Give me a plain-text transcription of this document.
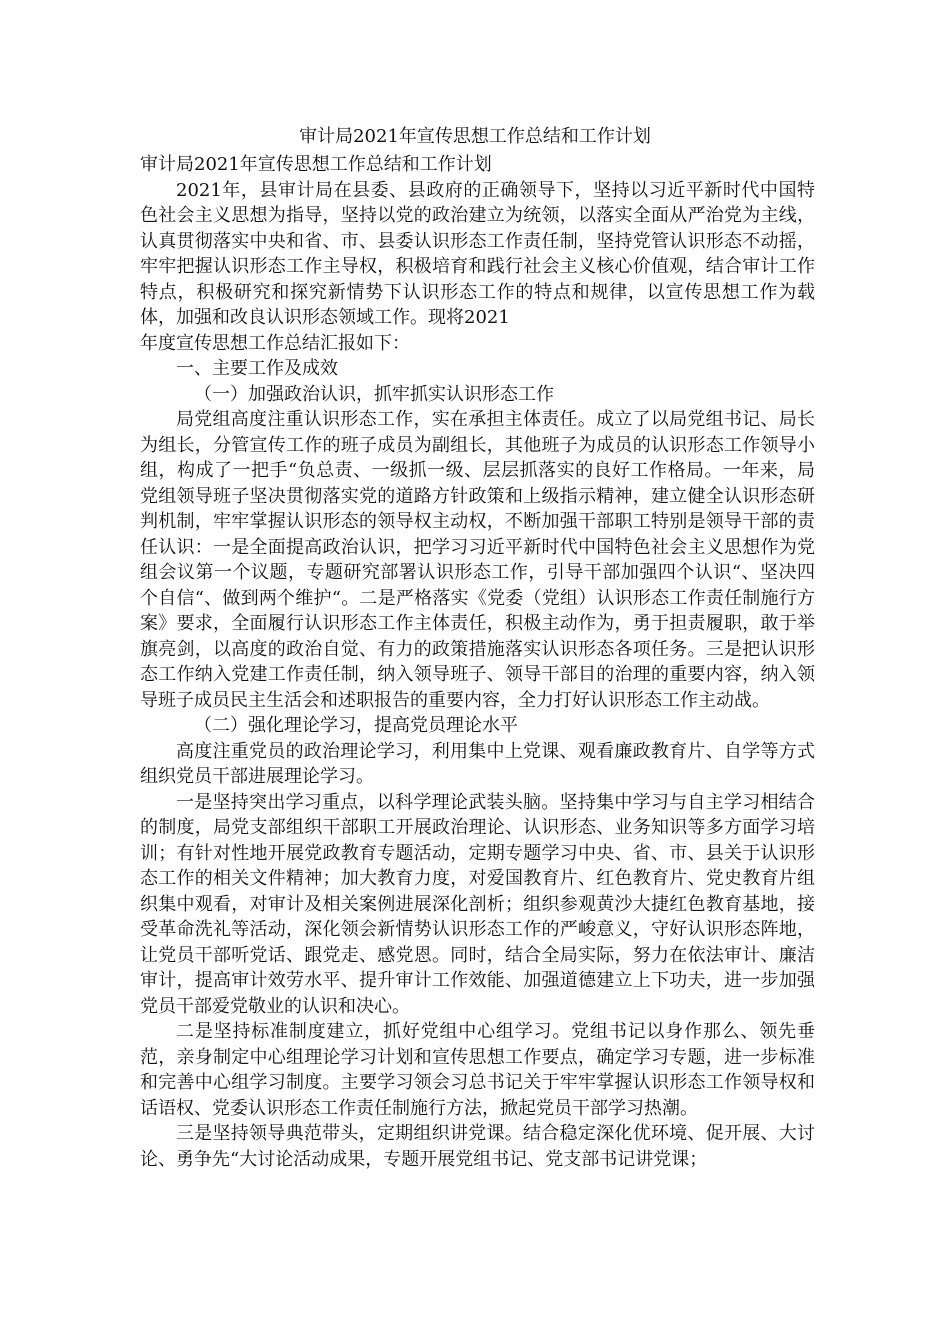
审计局2021年宣传思想工作总结和工作计划

审计局2021年宣传思想工作总结和工作计划

2021年，县审计局在县委、县政府的正确领导下，坚持以习近平新时代中国特色社会主义思想为指导，坚持以党的政治建立为统领，以落实全面从严治党为主线，认真贯彻落实中央和省、市、县委认识形态工作责任制，坚持党管认识形态不动摇，牢牢把握认识形态工作主导权，积极培育和践行社会主义核心价值观，结合审计工作特点，积极研究和探究新情势下认识形态工作的特点和规律，以宣传思想工作为载体，加强和改良认识形态领域工作。现将2021

年度宣传思想工作总结汇报如下：

一、主要工作及成效

（一）加强政治认识，抓牢抓实认识形态工作

局党组高度注重认识形态工作，实在承担主体责任。成立了以局党组书记、局长为组长，分管宣传工作的班子成员为副组长，其他班子为成员的认识形态工作领导小组，构成了一把手“负总责、一级抓一级、层层抓落实的良好工作格局。一年来，局党组领导班子坚决贯彻落实党的道路方针政策和上级指示精神，建立健全认识形态研判机制，牢牢掌握认识形态的领导权主动权，不断加强干部职工特别是领导干部的责任认识：一是全面提高政治认识，把学习习近平新时代中国特色社会主义思想作为党组会议第一个议题，专题研究部署认识形态工作，引导干部加强四个认识“、坚决四个自信“、做到两个维护“。二是严格落实《党委（党组）认识形态工作责任制施行方案》要求，全面履行认识形态工作主体责任，积极主动作为，勇于担责履职，敢于举旗亮剑，以高度的政治自觉、有力的政策措施落实认识形态各项任务。三是把认识形态工作纳入党建工作责任制，纳入领导班子、领导干部目的治理的重要内容，纳入领导班子成员民主生活会和述职报告的重要内容，全力打好认识形态工作主动战。

（二）强化理论学习，提高党员理论水平

高度注重党员的政治理论学习，利用集中上党课、观看廉政教育片、自学等方式组织党员干部进展理论学习。

一是坚持突出学习重点，以科学理论武装头脑。坚持集中学习与自主学习相结合的制度，局党支部组织干部职工开展政治理论、认识形态、业务知识等多方面学习培训；有针对性地开展党政教育专题活动，定期专题学习中央、省、市、县关于认识形态工作的相关文件精神；加大教育力度，对爱国教育片、红色教育片、党史教育片组织集中观看，对审计及相关案例进展深化剖析；组织参观黄沙大捷红色教育基地，接受革命洗礼等活动，深化领会新情势认识形态工作的严峻意义，守好认识形态阵地，让党员干部听党话、跟党走、感党恩。同时，结合全局实际，努力在依法审计、廉洁审计，提高审计效劳水平、提升审计工作效能、加强道德建立上下功夫，进一步加强党员干部爱党敬业的认识和决心。

二是坚持标准制度建立，抓好党组中心组学习。党组书记以身作那么、领先垂范，亲身制定中心组理论学习计划和宣传思想工作要点，确定学习专题，进一步标准和完善中心组学习制度。主要学习领会习总书记关于牢牢掌握认识形态工作领导权和话语权、党委认识形态工作责任制施行方法，掀起党员干部学习热潮。

三是坚持领导典范带头，定期组织讲党课。结合稳定深化优环境、促开展、大讨论、勇争先“大讨论活动成果，专题开展党组书记、党支部书记讲党课；
